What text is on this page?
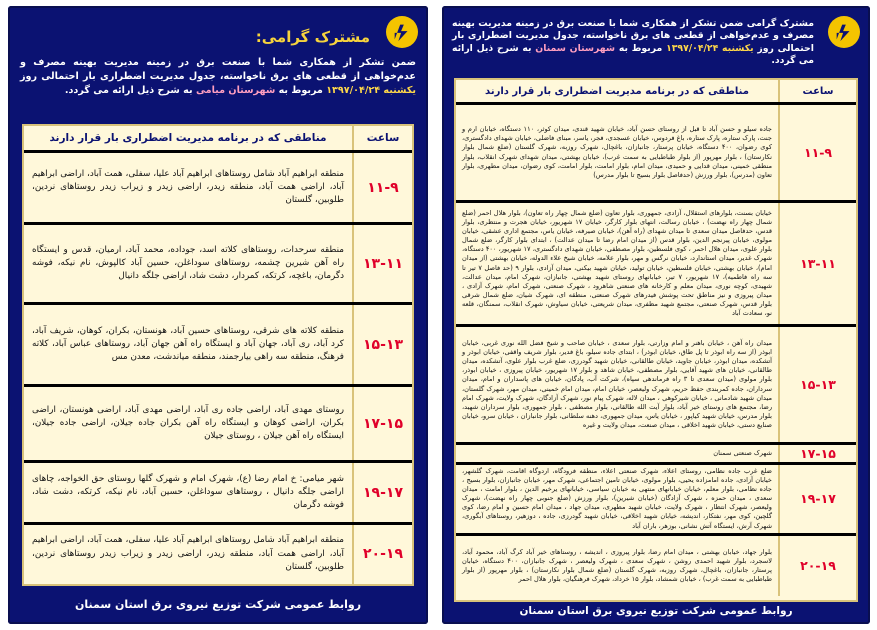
مشترک گرامی:
ضمن تشکر از همکاری شما با صنعت برق در زمینه مدیریت بهینه مصرف و عدم‌خواهی از قطعی های برق ناخواسته، جدول مدیریت اضطراری بار احتمالی روز یکشنبه ۱۳۹۷/۰۴/۲۴ مربوط به شهرستان میامی به شرح ذیل ارائه می گردد.
ساعت	مناطقی که در برنامه مدیریت اضطراری بار قرار دارند
۱۱-۹	منطقه ابراهیم آباد شامل روستاهای ابراهیم آباد علیا، سفلی، همت آباد، اراضی ابراهیم آباد، اراضی همت آباد، منطقه زیدر، اراضی زیدر و زیراب زیدر روستاهای نردین، طلوبین، گلستان
۱۳-۱۱	منطقه سرحدات، روستاهای کلاته اسد، جوداده، محمد آباد، ارمیان، قدس و ایستگاه راه آهن شیرین چشمه، روستاهای سوداغلن، حسین آباد کالپوش، نام نیکه، فوشه دگرمان، باغچه، کرتکه، کمردار، دشت شاد، اراضی جلگه دانیال
۱۵-۱۳	منطقه کلاته های شرقی، روستاهای حسین آباد، هونستان، بکران، کوهان، شریف آباد، کرد آباد، ری آباد، جهان آباد و ایستگاه راه آهن جهان آباد، روستاهای عباس آباد، کلاته فرهنگ، منطقه سه راهی بیارجمند، منطقه میاندشت، معدن مس
۱۷-۱۵	روستای مهدی آباد، اراضی جاده ری آباد، اراضی مهدی آباد، اراضی هونستان، اراضی بکران، اراضی کوهان و ایستگاه راه آهن بکران جاده جیلان، اراضی جاده جیلان، ایستگاه راه آهن جیلان ، روستای جیلان
۱۹-۱۷	شهر میامی: خ امام رضا (ع)، شهرک امام و شهرک گلها روستای حق الخواجه، چاهای اراضی جلگه دانیال ، روستاهای سوداغلن، حسین آباد، نام نیکه، کرتکه، دشت شاد، فوشه دگرمان
۲۰-۱۹	منطقه ابراهیم آباد شامل روستاهای ابراهیم آباد علیا، سفلی، همت آباد، اراضی ابراهیم آباد، اراضی همت آباد، منطقه زیدر، اراضی زیدر و زیراب زیدر روستاهای نردین، طلوبین، گلستان
روابط عمومی شرکت توزیع نیروی برق استان سمنان
مشترک گرامی ضمن تشکر از همکاری شما با صنعت برق در زمینه مدیریت بهینه مصرف و عدم‌خواهی از قطعی های برق ناخواسته، جدول مدیریت اضطراری بار احتمالی روز یکشنبه ۱۳۹۷/۰۴/۲۴ مربوط به شهرستان سمنان به شرح ذیل ارائه می گردد.
ساعت	مناطقی که در برنامه مدیریت اضطراری بار قرار دارند
۱۱-۹	جاده سیلو و حسن آباد تا قبل از روستای حسن آباد، خیابان شهید قندی، میدان کوثر، ۱۱۰ دستگاه، خیابان ارم و جنت، پارک ستاره، پارک ستاره، باغ فردوس، خیابان عسجدی، فجر، یاسر، مبنای فاضلی، خیابان شهدای دادگستری، کوی رضوان، ۴۰۰ دستگاه، خیابان پرستار، جانبازان، باغچال، شهرک روزبه، شهرک گلستان (ضلع شمال بلوار نکارستان) ، بلوار مهرپور (از بلوار طباطبایی به سمت غرب)، خیابان بهشتی، میدان شهدای شهرک انقلاب، بلوار منطقی خمینی، میدان قدایی و حمیدی، میدان امام، بلوار امامت، بلوار امامت، کوی رضوان، میدان مطهری، بلوار تعاون (مدرس)، بلوار ورزش (حدفاصل بلوار بسیج تا بلوار مدرس)
۱۳-۱۱	خیابان بسنت، بلوارهای استقلال، آزادی، جمهوری، بلوار تعاون (ضلع شمال چهار راه تعاون)، بلوار هلال احمر (ضلع شمال چهار راه نهضت) ، خیابان رسالت، انتهای بلوار کارگر، خیابان ۱۷ شهریور، خیابان هجرت و منتظری، بلوار قدس، حدفاصل میدان سعدی تا میدان شهدای (راه آهن)، خیابان صیرفه، خیابان یاس، مجتمع اداری عشقی، خیابان مولوی، خیابان پیرنجم الدین، بلوار قدس (از میدان امام رضا تا میدان عدالت) ، ابتدای بلوار کارگر، ضلع شمال بلوار علوی، میدان هلال احمر ، کوی فلسطین، بلوار مصطفی، خیابان شهدای دادگستری، ۱۷ شهریور، ۴۰۰ دستگاه، شهرک غدیر، میدان استاندارد، خیابان نرگس و مهر، بلوار علامه، خیابان شیخ علاء الدوله، خیابان بهشتی (از میدان امام)، خیابان بهشتی، خیابان فلسطین، خیابان تولید، خیابان شهید بیکنی، میدان آزادی، بلوار ۹ (حد فاصل ۷ تیر تا سه راه فاطمیه)، ۱۷ شهریور، ۷ تیر، خیابانهای روستای شهید بهشتی، جانبازان، شهرک امام، میدان عدالت، شهیدی، کوچه نوری، میدان معلم و کارخانه های صنعتی شاهرود ، شهرک صنعتی، شهرک امام، شهرک آزادی ، میدان پیروزی و نیز مناطق تحت پوشش فیدرهای شهرک صنعتی، منطقه ای، شهرک شیان، ضلع شمال شرقی بلوار قدس، شهرک صنعتی، مجتمع شهید مظفری، میدان شریعتی، خیابان سیاوش، شهرک انقلاب، سمنگان، قلعه نو، سعادت آباد
۱۵-۱۳	میدان راه آهن ، خیابان باهنر و امام وزارتی، بلوار سعدی ، خیابان صاحب و شیخ فضل الله نوری غربی، خیابان ابوذر (از سه راه ابوذر تا پل طاق، خیابان ابوذر) ، ابتدای جاده سیلو، باغ فدیر، بلوار شریف واقفی، خیابان ابوذر و آتشکده، میدان ابوذر، خیابان جاوید، خیابان طالقانی، خیابان شهید گودرزی، ضلع غرب بلوار علوی، آتشکده، میدان طالقانی، خیابان های شهید آقایی، بلوار مصطفی، خیابان شاهد و بلوار ۱۷ شهریور، خیابان پیروزی ، خیابان ابوذر، بلوار مولوی (میدان سعدی تا ۳ راه فرماندهی سپاه)، شرکت آب، پادگان، خیابان های پاسداران و امام، میدان سرداران، جاده کمربندی حفظ حریم، شهرک ولیعصر، خیابان امام، میدان امام خمینی، میدان مهر، شهرک گلستان، میدان شهید شادمانی ، خیابان شیرکوهی ، میدان لاله، شهرک پیام نور، شهرک آزادگان، شهرک ولایت، شهرک امام رضا، مجتمع های روستای خیر آباد، بلوار آیت الله طالقانی، بلوار مصطفی ، بلوار جمهوری، بلوار سرداران شهید، بلوار مدرس، خیابان شهید کیاپور ، خیابان یاس، میدان جمهوری، دهنه سلطانی، بلوار جانبازان ، خیابان سرو، خیابان صنایع دستی، خیابان شهید اخلاقی ، میدان صنعت، میدان ولایت و غیره
۱۷-۱۵	شهرک صنعتی سمنان
۱۹-۱۷	ضلع غرب جاده نظامی، روستای اعلاء، شهرک صنعتی اعلاء، منطقه فرودگاه، اردوگاه اقامت، شهرک گلشهر، خیابان آزادی، جاده امامزاده یحیی، بلوار مولوی، خیابان تامین اجتماعی، شهرک مهر، خیابان جانبازان، بلوار بسیج ، جاده نظامی، بلوار معلم، خیابان خیابانهای منتهی به خیابان سیاسی، خیابانهای یرخیم الدین ، بلوار امامت ، میدان سعدی ، میدان حمزه ، شهرک آزادگان (خیابان شیرین)، بلوار ورزش (ضلع جنوبی چهار راه نهضت)، شهرک ولیعصر، شهرک انتظار ، شهرک ولایت، خیابان شهید مطهری، میدان جهاد ، میدان امام حسین و امام رضا، کوی گلچین، کوی مهر، نفتکار، اندیشه، خیابان شهید اخلاقی، خیابان شهید گودرزی، جاده ، دوزهیر، روستاهای آبگوری، شهرک آرش، ایستگاه آتش نشانی، بوزهر، باران آباد
۲۰-۱۹	بلوار جهاد، خیابان بهشتی ، میدان امام رضا، بلوار پیروزی ، اندیشه ، روستاهای خیر آباد کرگ آباد، محمود آباد، لاسجرد، بلوار شهید احمدی روشن ، شهرک سعدی ، شهرک ولیعصر ، شهرک جانبازان، ۴۰۰ دستگاه، خیابان پرستار، جانبازان، باغچال، شهرک روزبه، شهرک گلستان (ضلع شمال بلوار نکارستان) ، بلوار مهرپور (از بلوار طباطبایی به سمت غرب) ، خیابان شمشاد، بلوار ۱۵ خرداد، شهرک فرهنگیان، بلوار هلال احمر
روابط عمومی شرکت توزیع نیروی برق استان سمنان
